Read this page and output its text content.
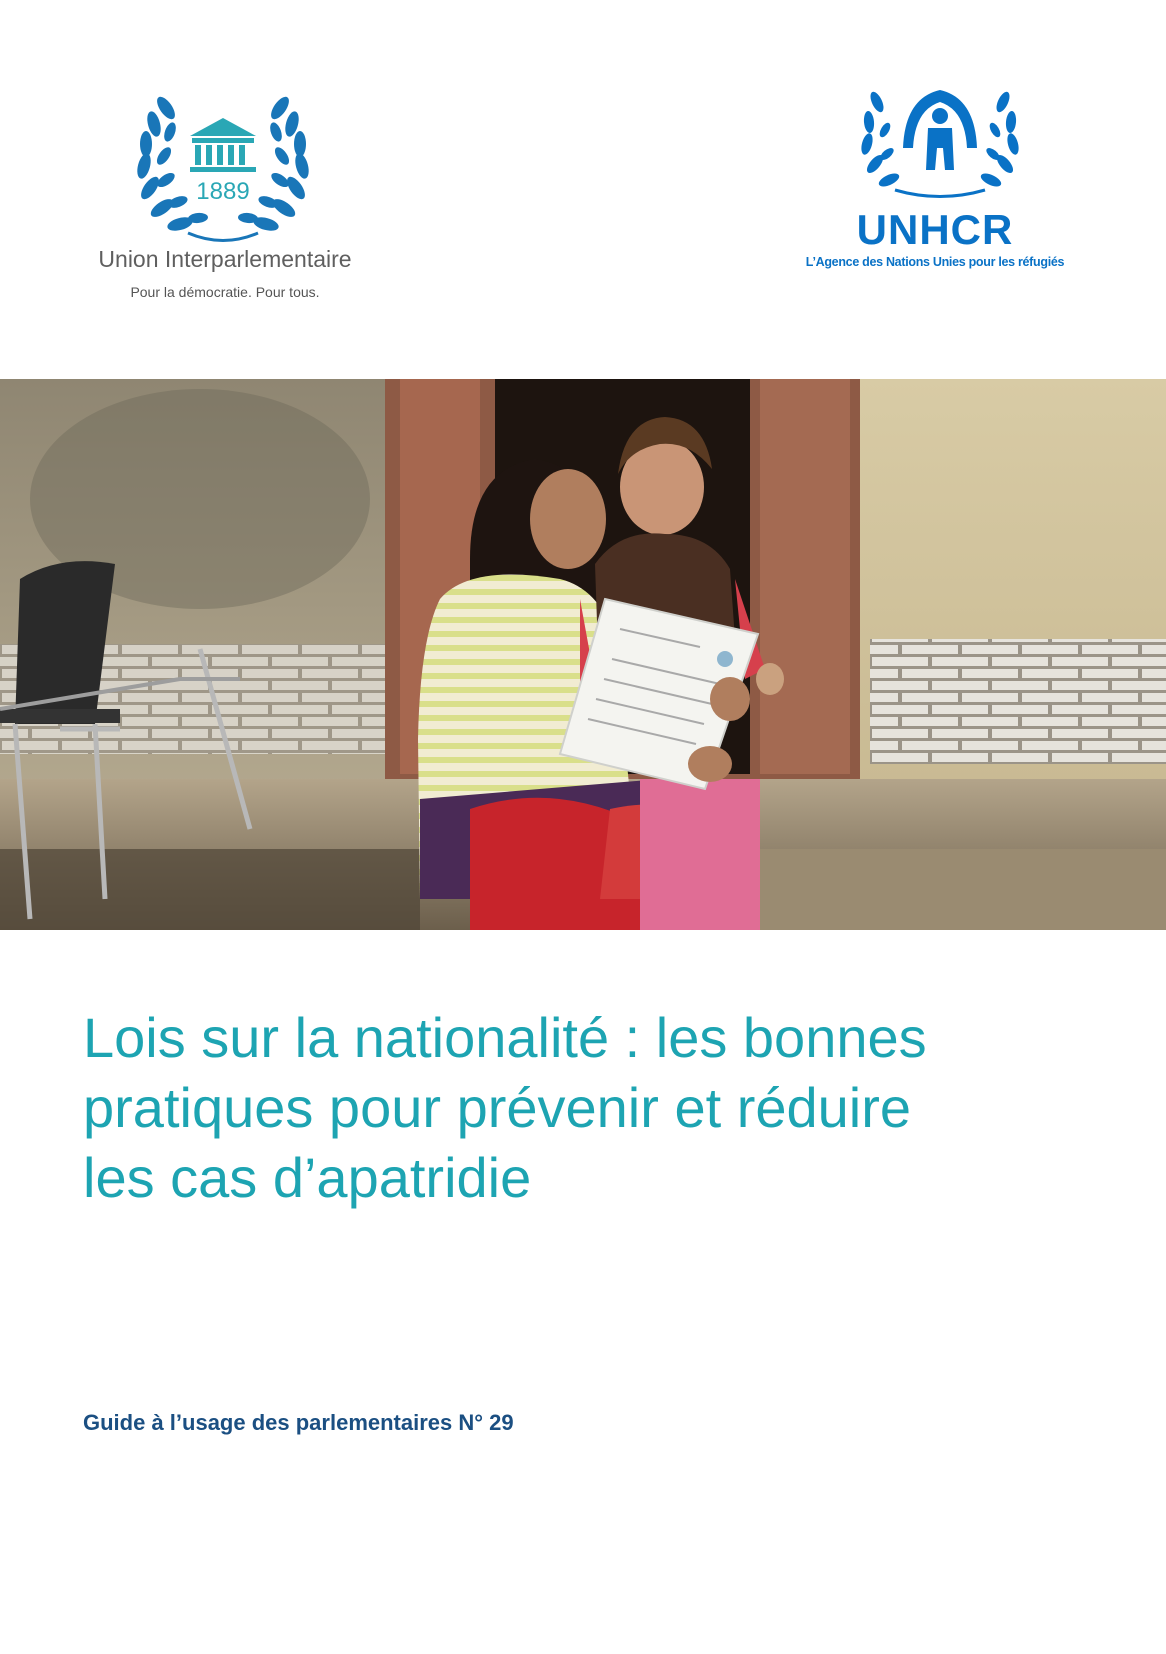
1889
Union Interparlementaire
Pour la démocratie. Pour tous.
UNHCR
L’Agence des Nations Unies pour les réfugiés
Lois sur la nationalité : les bonnes
pratiques pour prévenir et réduire
les cas d’apatridie
Guide à l’usage des parlementaires N° 29
